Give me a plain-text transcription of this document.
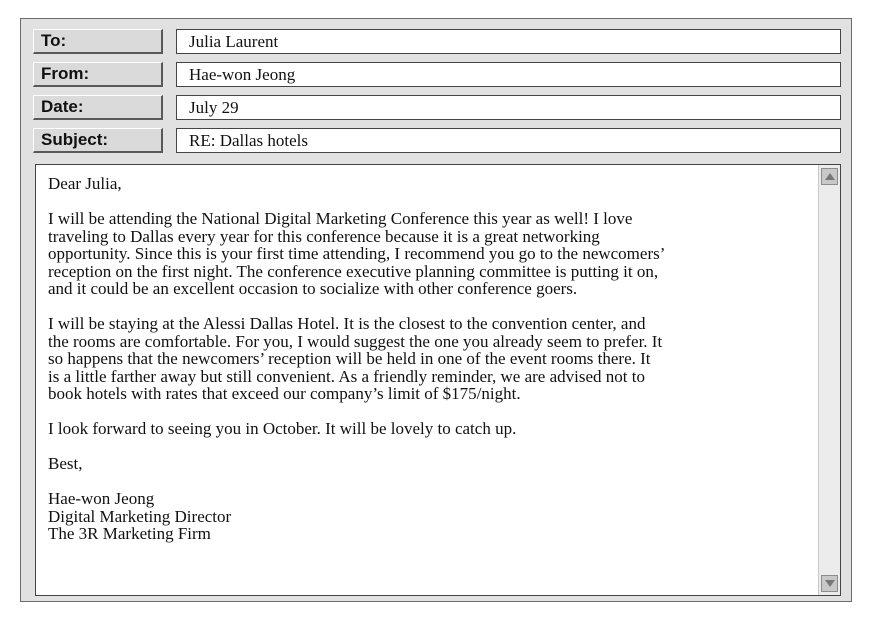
To:	Julia Laurent
From:	Hae-won Jeong
Date:	July 29
Subject:	RE: Dallas hotels

Dear Julia,

I will be attending the National Digital Marketing Conference this year as well! I love
traveling to Dallas every year for this conference because it is a great networking
opportunity. Since this is your first time attending, I recommend you go to the newcomers’
reception on the first night. The conference executive planning committee is putting it on,
and it could be an excellent occasion to socialize with other conference goers.

I will be staying at the Alessi Dallas Hotel. It is the closest to the convention center, and
the rooms are comfortable. For you, I would suggest the one you already seem to prefer. It
so happens that the newcomers’ reception will be held in one of the event rooms there. It
is a little farther away but still convenient. As a friendly reminder, we are advised not to
book hotels with rates that exceed our company’s limit of $175/night.

I look forward to seeing you in October. It will be lovely to catch up.

Best,

Hae-won Jeong
Digital Marketing Director
The 3R Marketing Firm
